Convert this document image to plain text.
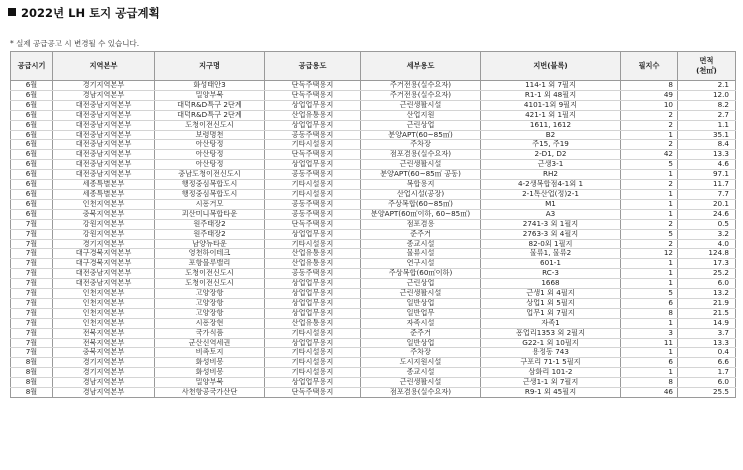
2022년 LH 토지 공급계획
* 실제 공급공고 시 변경될 수 있습니다.
공급시기	지역본부	지구명	공급용도	세부용도	지번(블록)	필지수	면적
(천㎡)
6월	경기지역본부	화성태안3	단독주택용지	주거전용(실수요자)	114-1 외 7필지	8	2.1
6월	경남지역본부	밀양부북	단독주택용지	주거전용(실수요자)	R1-1 외 48필지	49	12.0
6월	대전충남지역본부	대덕R&D특구 2단계	상업업무용지	근린생활시설	4101-1외 9필지	10	8.2
6월	대전충남지역본부	대덕R&D특구 2단계	산업유통용지	산업지원	421-1 외 1필지	2	2.7
6월	대전충남지역본부	도청이전신도시	상업업무용지	근린상업	1611, 1612	2	1.1
6월	대전충남지역본부	보령명천	공동주택용지	분양APT(60~85㎡)	B2	1	35.1
6월	대전충남지역본부	아산탕정	기타시설용지	주차장	주15, 주19	2	8.4
6월	대전충남지역본부	아산탕정	단독주택용지	점포겸용(실수요자)	2-D1, D2	42	13.3
6월	대전충남지역본부	아산탕정	상업업무용지	근린생활시설	근생3-1	5	4.6
6월	대전충남지역본부	충남도청이전신도시	공동주택용지	분양APT(60~85㎡ 공동)	RH2	1	97.1
6월	세종특별본부	행정중심복합도시	기타시설용지	복합용지	4-2생복합점4-1외 1	2	11.7
6월	세종특별본부	행정중심복합도시	기타시설용지	산업시설(공장)	2-1톡산업(정)2-1	1	7.7
6월	인천지역본부	시흥거모	공동주택용지	주상복합(60~85㎡)	M1	1	20.1
6월	충북지역본부	괴산미니복합타운	공동주택용지	분양APT(60㎡이하, 60~85㎡)	A3	1	24.6
7월	강원지역본부	원주태장2	단독주택용지	점포겸용	2741-3 외 1필지	2	0.5
7월	강원지역본부	원주태장2	상업업무용지	준주거	2763-3 외 4필지	5	3.2
7월	경기지역본부	남양뉴타운	기타시설용지	종교시설	82-0외 1필지	2	4.0
7월	대구경북지역본부	영천하이테크	산업유통용지	물류시설	물류1, 물류2	12	124.8
7월	대구경북지역본부	포항블루밸리	산업유통용지	연구시설	601-1	1	17.3
7월	대전충남지역본부	도청이전신도시	공동주택용지	주상복합(60㎡이하)	RC-3	1	25.2
7월	대전충남지역본부	도청이전신도시	상업업무용지	근린상업	1668	1	6.0
7월	인천지역본부	고양장항	상업업무용지	근린생활시설	근생1 외 4필지	5	13.2
7월	인천지역본부	고양장항	상업업무용지	일반상업	상업1 외 5필지	6	21.9
7월	인천지역본부	고양장항	상업업무용지	일반업무	업무1 외 7필지	8	21.5
7월	인천지역본부	시흥장현	산업유통용지	자족시설	자족1	1	14.9
7월	전북지역본부	국가식품	기타시설용지	준주거	흥업리1353 외 2필지	3	3.7
7월	전북지역본부	군산신역세권	상업업무용지	일반상업	G22-1 외 10필지	11	13.3
7월	충북지역본부	비촉토지	기타시설용지	주차장	용정동 743	1	0.4
8월	경기지역본부	화성비봉	기타시설용지	도시지원시설	구포리 71-1 5필지	6	6.6
8월	경기지역본부	화성비봉	기타시설용지	종교시설	삼화리 101-2	1	1.7
8월	경남지역본부	밀양부북	상업업무용지	근린생활시설	근생1-1 외 7필지	8	6.0
8월	경남지역본부	사천항공국가산단	단독주택용지	점포겸용(실수요자)	R9-1 외 45필지	46	25.5
